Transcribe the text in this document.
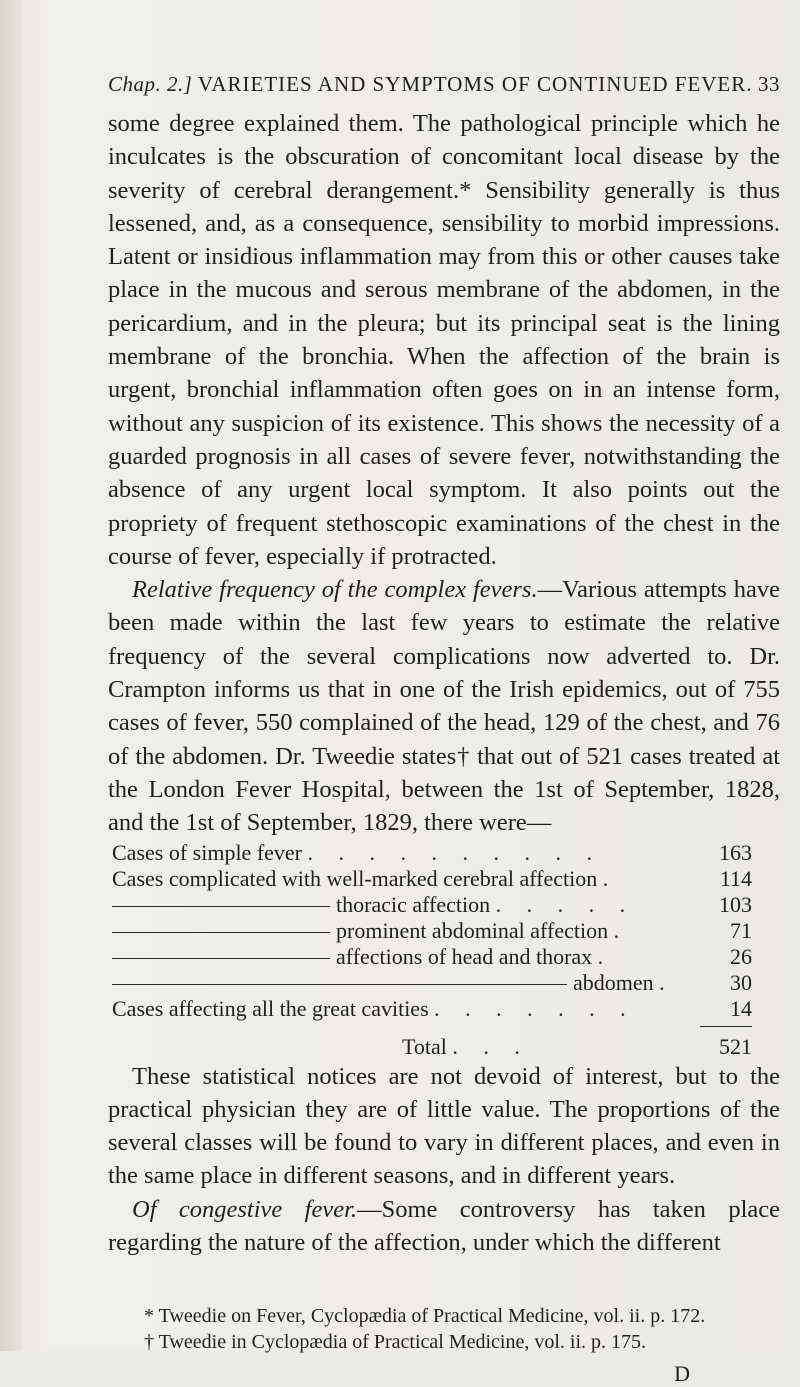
Chap. 2.] VARIETIES AND SYMPTOMS OF CONTINUED FEVER. 33

some degree explained them. The pathological principle which he inculcates is the obscuration of concomitant local disease by the severity of cerebral derangement.* Sensibility generally is thus lessened, and, as a consequence, sensibility to morbid impressions. Latent or insidious inflammation may from this or other causes take place in the mucous and serous membrane of the abdomen, in the pericardium, and in the pleura; but its principal seat is the lining membrane of the bronchia. When the affection of the brain is urgent, bronchial inflammation often goes on in an intense form, without any suspicion of its existence. This shows the necessity of a guarded prognosis in all cases of severe fever, notwithstanding the absence of any urgent local symptom. It also points out the propriety of frequent stethoscopic examinations of the chest in the course of fever, especially if protracted.

Relative frequency of the complex fevers.—Various attempts have been made within the last few years to estimate the relative frequency of the several complications now adverted to. Dr. Crampton informs us that in one of the Irish epidemics, out of 755 cases of fever, 550 complained of the head, 129 of the chest, and 76 of the abdomen. Dr. Tweedie states† that out of 521 cases treated at the London Fever Hospital, between the 1st of September, 1828, and the 1st of September, 1829, there were—

Cases of simple fever . . . . . . . . . .	163
Cases complicated with well-marked cerebral affection .	114
thoracic affection . . . . .	103
prominent abdominal affection .	71
affections of head and thorax .	26
abdomen .	30
Cases affecting all the great cavities . . . . . . .	14
Total . . .	521

These statistical notices are not devoid of interest, but to the practical physician they are of little value. The proportions of the several classes will be found to vary in different places, and even in the same place in different seasons, and in different years.

Of congestive fever.—Some controversy has taken place regarding the nature of the affection, under which the different

* Tweedie on Fever, Cyclopædia of Practical Medicine, vol. ii. p. 172.
† Tweedie in Cyclopædia of Practical Medicine, vol. ii. p. 175.
D
